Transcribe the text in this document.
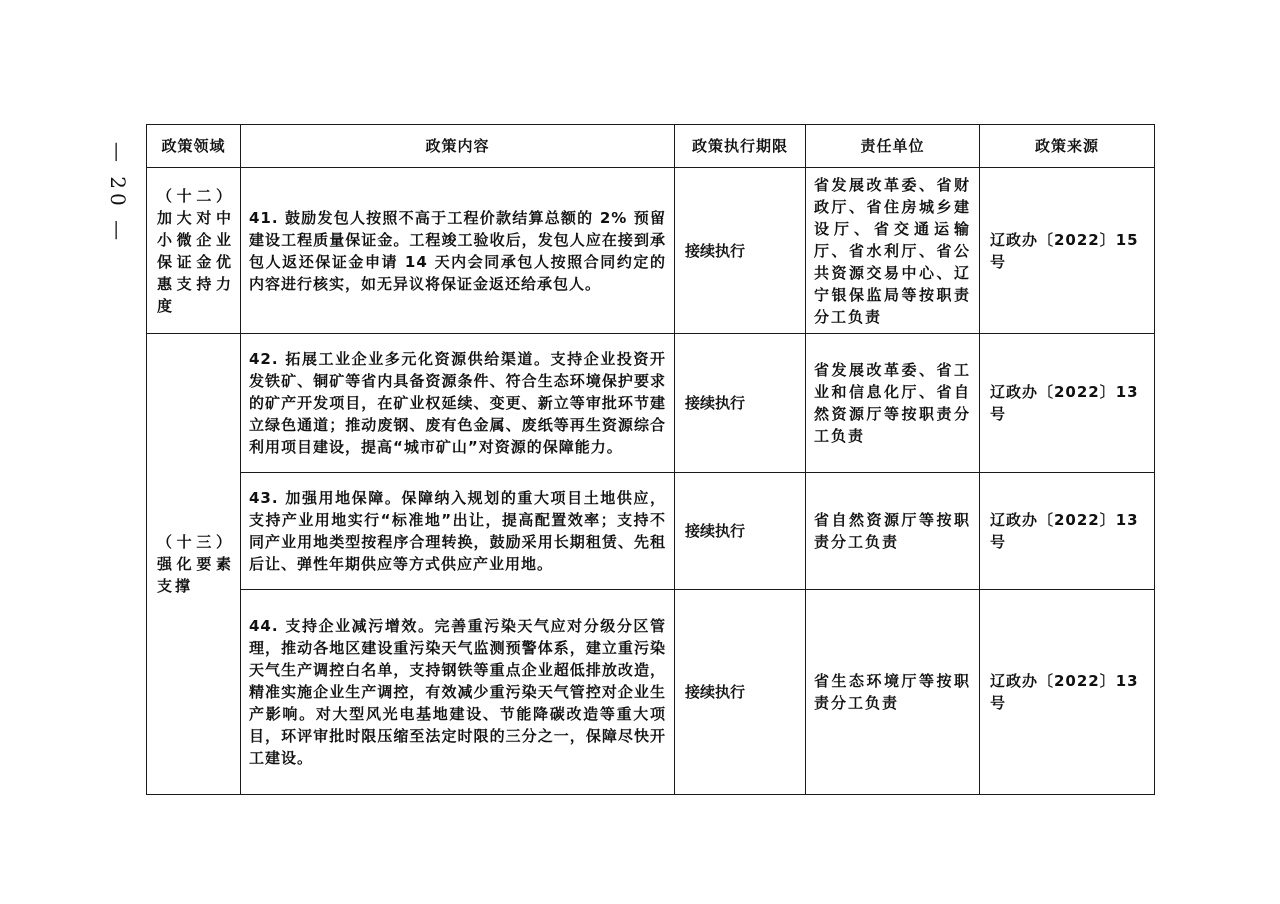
— 20 — 政策领域	政策内容	政策执行期限	责任单位	政策来源
（十二）加大对中小微企业保证金优惠支持力度	41. 鼓励发包人按照不高于工程价款结算总额的 2% 预留建设工程质量保证金。工程竣工验收后，发包人应在接到承包人返还保证金申请 14 天内会同承包人按照合同约定的内容进行核实，如无异议将保证金返还给承包人。	接续执行	省发展改革委、省财政厅、省住房城乡建设厅、省交通运输厅、省水利厅、省公共资源交易中心、辽宁银保监局等按职责分工负责	辽政办〔2022〕15 号
（十三）强化要素支撑	42. 拓展工业企业多元化资源供给渠道。支持企业投资开发铁矿、铜矿等省内具备资源条件、符合生态环境保护要求的矿产开发项目，在矿业权延续、变更、新立等审批环节建立绿色通道；推动废钢、废有色金属、废纸等再生资源综合利用项目建设，提高“城市矿山”对资源的保障能力。	接续执行	省发展改革委、省工业和信息化厅、省自然资源厅等按职责分工负责	辽政办〔2022〕13 号
	43. 加强用地保障。保障纳入规划的重大项目土地供应，支持产业用地实行“标准地”出让，提高配置效率；支持不同产业用地类型按程序合理转换，鼓励采用长期租赁、先租后让、弹性年期供应等方式供应产业用地。	接续执行	省自然资源厅等按职责分工负责	辽政办〔2022〕13 号
	44. 支持企业减污增效。完善重污染天气应对分级分区管理，推动各地区建设重污染天气监测预警体系，建立重污染天气生产调控白名单，支持钢铁等重点企业超低排放改造，精准实施企业生产调控，有效减少重污染天气管控对企业生产影响。对大型风光电基地建设、节能降碳改造等重大项目，环评审批时限压缩至法定时限的三分之一，保障尽快开工建设。	接续执行	省生态环境厅等按职责分工负责	辽政办〔2022〕13 号
